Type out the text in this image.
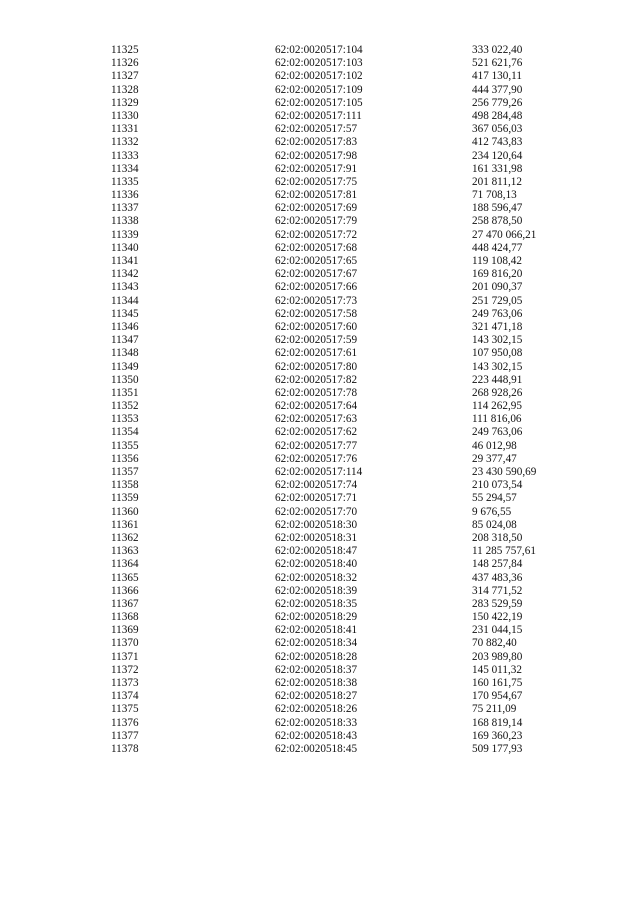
11325	62:02:0020517:104	333 022,40
11326	62:02:0020517:103	521 621,76
11327	62:02:0020517:102	417 130,11
11328	62:02:0020517:109	444 377,90
11329	62:02:0020517:105	256 779,26
11330	62:02:0020517:111	498 284,48
11331	62:02:0020517:57	367 056,03
11332	62:02:0020517:83	412 743,83
11333	62:02:0020517:98	234 120,64
11334	62:02:0020517:91	161 331,98
11335	62:02:0020517:75	201 811,12
11336	62:02:0020517:81	71 708,13
11337	62:02:0020517:69	188 596,47
11338	62:02:0020517:79	258 878,50
11339	62:02:0020517:72	27 470 066,21
11340	62:02:0020517:68	448 424,77
11341	62:02:0020517:65	119 108,42
11342	62:02:0020517:67	169 816,20
11343	62:02:0020517:66	201 090,37
11344	62:02:0020517:73	251 729,05
11345	62:02:0020517:58	249 763,06
11346	62:02:0020517:60	321 471,18
11347	62:02:0020517:59	143 302,15
11348	62:02:0020517:61	107 950,08
11349	62:02:0020517:80	143 302,15
11350	62:02:0020517:82	223 448,91
11351	62:02:0020517:78	268 928,26
11352	62:02:0020517:64	114 262,95
11353	62:02:0020517:63	111 816,06
11354	62:02:0020517:62	249 763,06
11355	62:02:0020517:77	46 012,98
11356	62:02:0020517:76	29 377,47
11357	62:02:0020517:114	23 430 590,69
11358	62:02:0020517:74	210 073,54
11359	62:02:0020517:71	55 294,57
11360	62:02:0020517:70	9 676,55
11361	62:02:0020518:30	85 024,08
11362	62:02:0020518:31	208 318,50
11363	62:02:0020518:47	11 285 757,61
11364	62:02:0020518:40	148 257,84
11365	62:02:0020518:32	437 483,36
11366	62:02:0020518:39	314 771,52
11367	62:02:0020518:35	283 529,59
11368	62:02:0020518:29	150 422,19
11369	62:02:0020518:41	231 044,15
11370	62:02:0020518:34	70 882,40
11371	62:02:0020518:28	203 989,80
11372	62:02:0020518:37	145 011,32
11373	62:02:0020518:38	160 161,75
11374	62:02:0020518:27	170 954,67
11375	62:02:0020518:26	75 211,09
11376	62:02:0020518:33	168 819,14
11377	62:02:0020518:43	169 360,23
11378	62:02:0020518:45	509 177,93
